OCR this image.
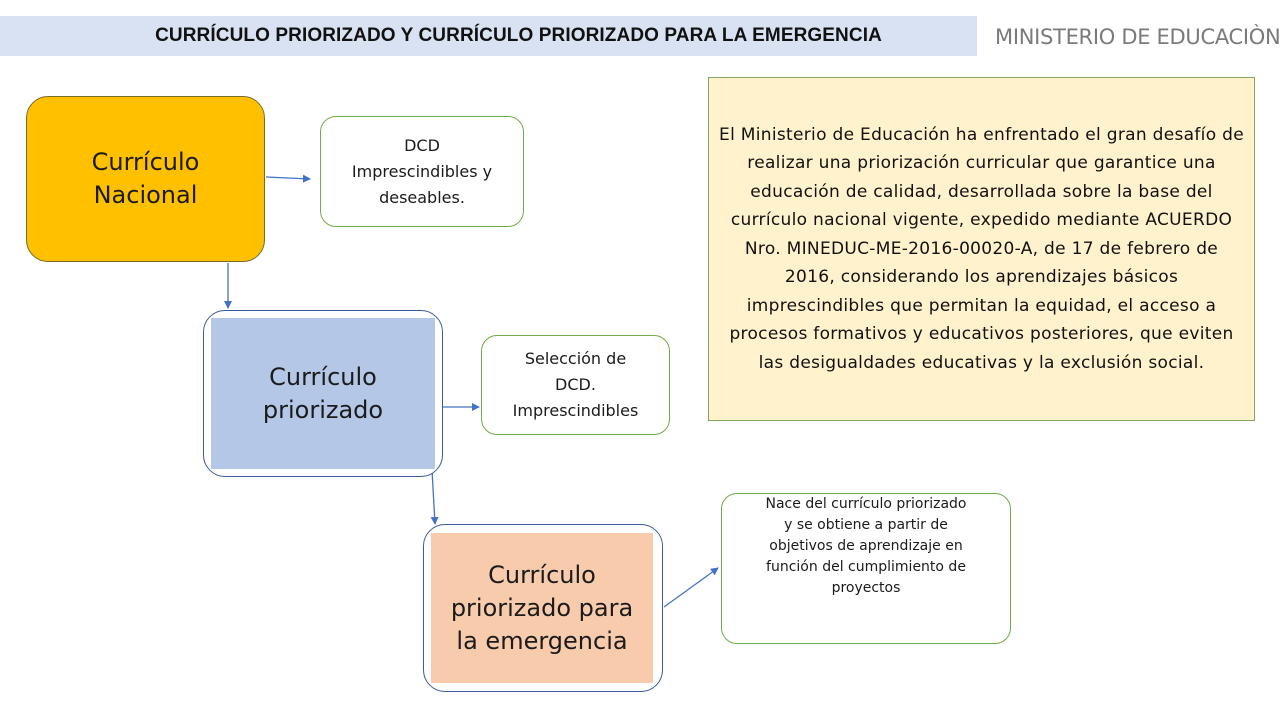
CURRÍCULO PRIORIZADO Y CURRÍCULO PRIORIZADO PARA LA EMERGENCIA	MINISTERIO DE EDUCACIÒN
Currículo
Nacional
Currículo
priorizado
Currículo
priorizado para
la emergencia
DCD
Imprescindibles y
deseables.
Selección de
DCD.
Imprescindibles
Nace del currículo priorizado
y se obtiene a partir de
objetivos de aprendizaje en
función del cumplimiento de
proyectos
El Ministerio de Educación ha enfrentado el gran desafío de realizar una priorización curricular que garantice una educación de calidad, desarrollada sobre la base del currículo nacional vigente, expedido mediante ACUERDO Nro. MINEDUC-ME-2016-00020-A, de 17 de febrero de 2016, considerando los aprendizajes básicos imprescindibles que permitan la equidad, el acceso a procesos formativos y educativos posteriores, que eviten las desigualdades educativas y la exclusión social.
